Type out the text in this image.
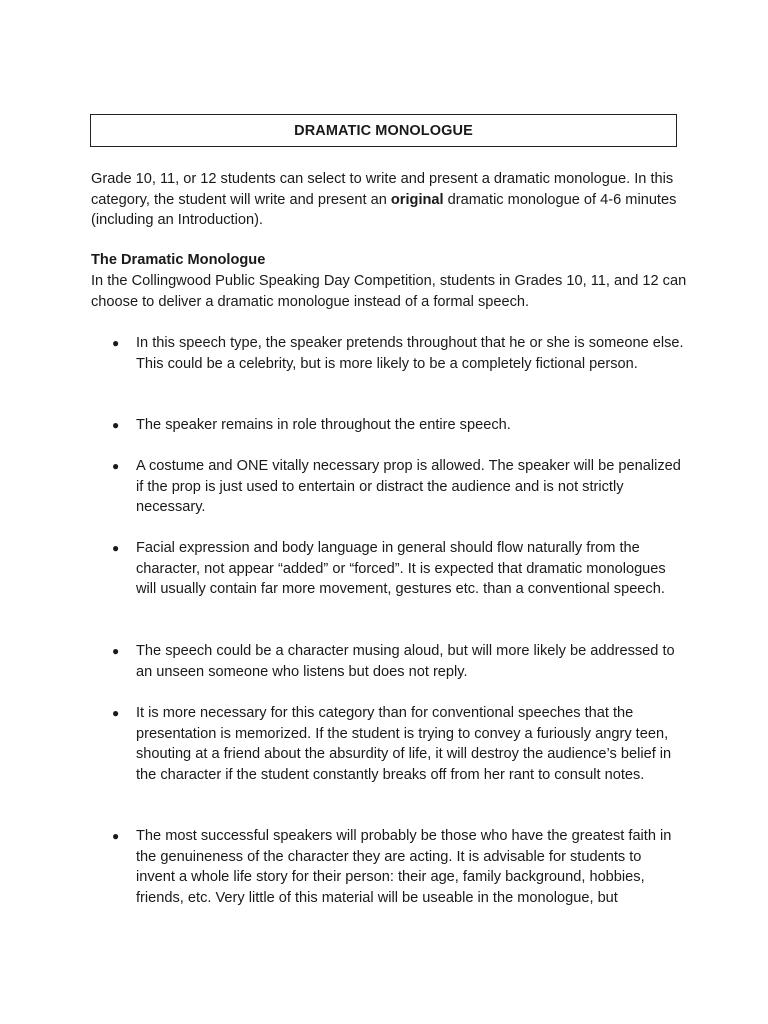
DRAMATIC MONOLOGUE

Grade 10, 11, or 12 students can select to write and present a dramatic monologue. In this category, the student will write and present an original dramatic monologue of 4-6 minutes (including an Introduction).

The Dramatic Monologue

In the Collingwood Public Speaking Day Competition, students in Grades 10, 11, and 12 can choose to deliver a dramatic monologue instead of a formal speech.

● In this speech type, the speaker pretends throughout that he or she is someone else. This could be a celebrity, but is more likely to be a completely fictional person.

● The speaker remains in role throughout the entire speech.

● A costume and ONE vitally necessary prop is allowed. The speaker will be penalized if the prop is just used to entertain or distract the audience and is not strictly necessary.

● Facial expression and body language in general should flow naturally from the character, not appear “added” or “forced”. It is expected that dramatic monologues will usually contain far more movement, gestures etc. than a conventional speech.

● The speech could be a character musing aloud, but will more likely be addressed to an unseen someone who listens but does not reply.

● It is more necessary for this category than for conventional speeches that the presentation is memorized. If the student is trying to convey a furiously angry teen, shouting at a friend about the absurdity of life, it will destroy the audience’s belief in the character if the student constantly breaks off from her rant to consult notes.

● The most successful speakers will probably be those who have the greatest faith in the genuineness of the character they are acting. It is advisable for students to invent a whole life story for their person: their age, family background, hobbies, friends, etc. Very little of this material will be useable in the monologue, but
